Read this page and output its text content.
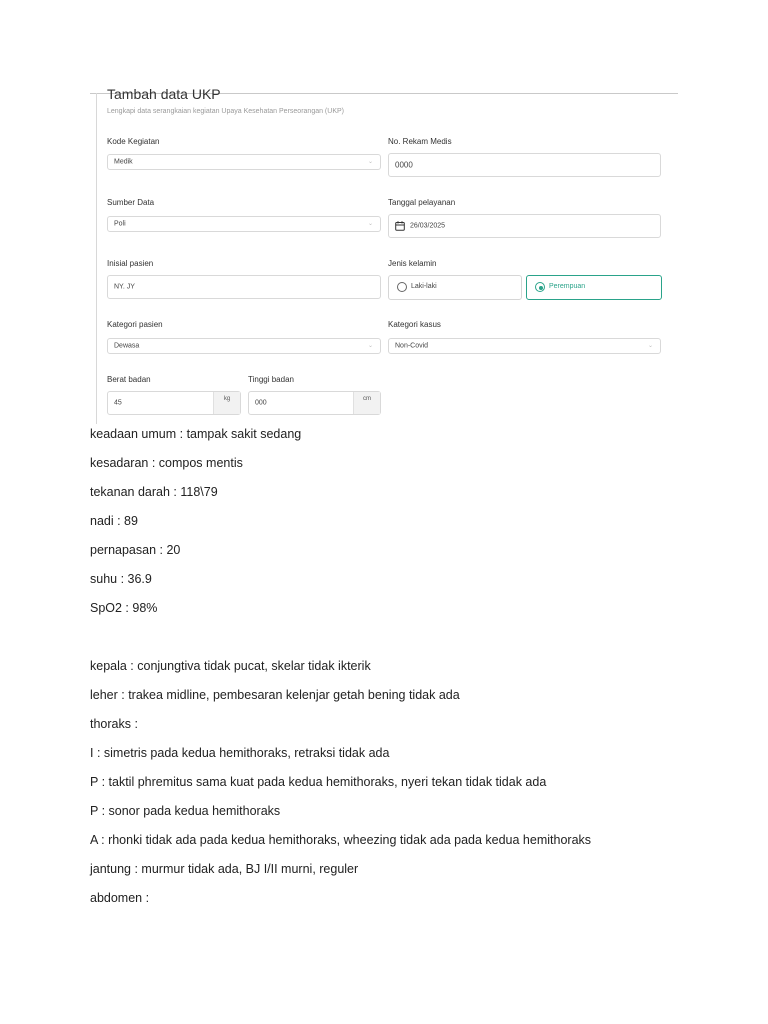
Tambah data UKP
Lengkapi data serangkaian kegiatan Upaya Kesehatan Perseorangan (UKP)
Kode Kegiatan
Medik	⌄
No. Rekam Medis
0000
Sumber Data
Poli	⌄
Tanggal pelayanan
26/03/2025
Inisial pasien
NY. JY
Jenis kelamin
Laki-laki	Perempuan
Kategori pasien
Dewasa	⌄
Kategori kasus
Non-Covid	⌄
Berat badan
45
kg
Tinggi badan
000
cm
keadaan umum : tampak sakit sedang
kesadaran : compos mentis
tekanan darah : 118\79
nadi : 89
pernapasan : 20
suhu : 36.9
SpO2 : 98%
kepala : conjungtiva tidak pucat, skelar tidak ikterik
leher : trakea midline, pembesaran kelenjar getah bening tidak ada
thoraks :
I : simetris pada kedua hemithoraks, retraksi tidak ada
P : taktil phremitus sama kuat pada kedua hemithoraks, nyeri tekan tidak tidak ada
P : sonor pada kedua hemithoraks
A : rhonki tidak ada pada kedua hemithoraks, wheezing tidak ada pada kedua hemithoraks
jantung : murmur tidak ada, BJ I/II murni, reguler
abdomen :
